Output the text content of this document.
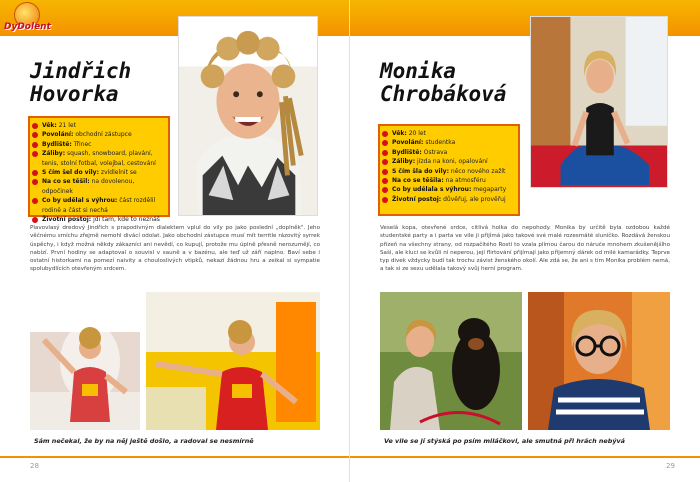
DyDolent
Jindřich
Hovorka
Věk: 21 let
Povolání: obchodní zástupce
Bydliště: Třinec
Záliby: squash, snowboard, plavání, tenis, stolní fotbal, volejbal, cestování
S čím šel do vily: zvídlelnit se
Na co se těšil: na dovolenou, odpočinek
Co by udělal s výhrou: část rozdělil rodině a část si nechá
Životní postoj: jdi tam, kde to neznáš
Plavovlasý dredový Jindřich s prapodivným dialektem vplul do vily po jako poslední „doplněk". Jeho věčnému smíchu zřejmě nemohl divácí odolat. Jako obchodní zástupce musí mít territle rázovitý syrrek úspěchy, i když možná někdy zákazníci ani nevědí, co kupují, protože mu úplně přesně nerozumějí, co nabízí. První hodiny se adaptoval o souvisl v sauně a v bazénu, ale teď už září naplno. Baví sebe i ostatní historkami na pomezí naivity a chouloslivých vtipků, nekazí žádnou hru a zeikal si sympatie spolubydlících otevřeným srdcem.
Sám nečekal, že by na něj ještě došlo, a radoval se nesmírně
28
Monika
Chrobáková
Věk: 20 let
Povolání: studentka
Bydliště: Ostrava
Záliby: jízda na koni, opalování
S čím šla do vily: něco nového zažít
Na co se těšila: na atmosféru
Co by udělala s výhrou: megaparty
Životní postoj: důvěřuj, ale prověřuj
Veselá kopa, otevřené srdce, citlivá holka do nepohody. Monika by určitě byla ozdobou každé studentské party a i parta ve vile ji přijímá jako takové své malé rozesmáté sluníčko. Rozdává ženskou přízeň na všechny strany, od rozpačitého Rosti to vzala plímou čarou do náruče mnohem zkušenějšího Saši, ale kluci se kvůli ní neperou, její flirtování přijímají jako příjemný dárek od milé kamarádky. Teprve typ divek vždycky budí tak trochu závist ženského okolí. Ale zdá se, že ani s tím Monika problém nemá, a tak si ze sexu udělala takový svůj herní program.
Ve vile se jí stýská po psím miláčkovi, ale smutná při hrách nebývá
29
